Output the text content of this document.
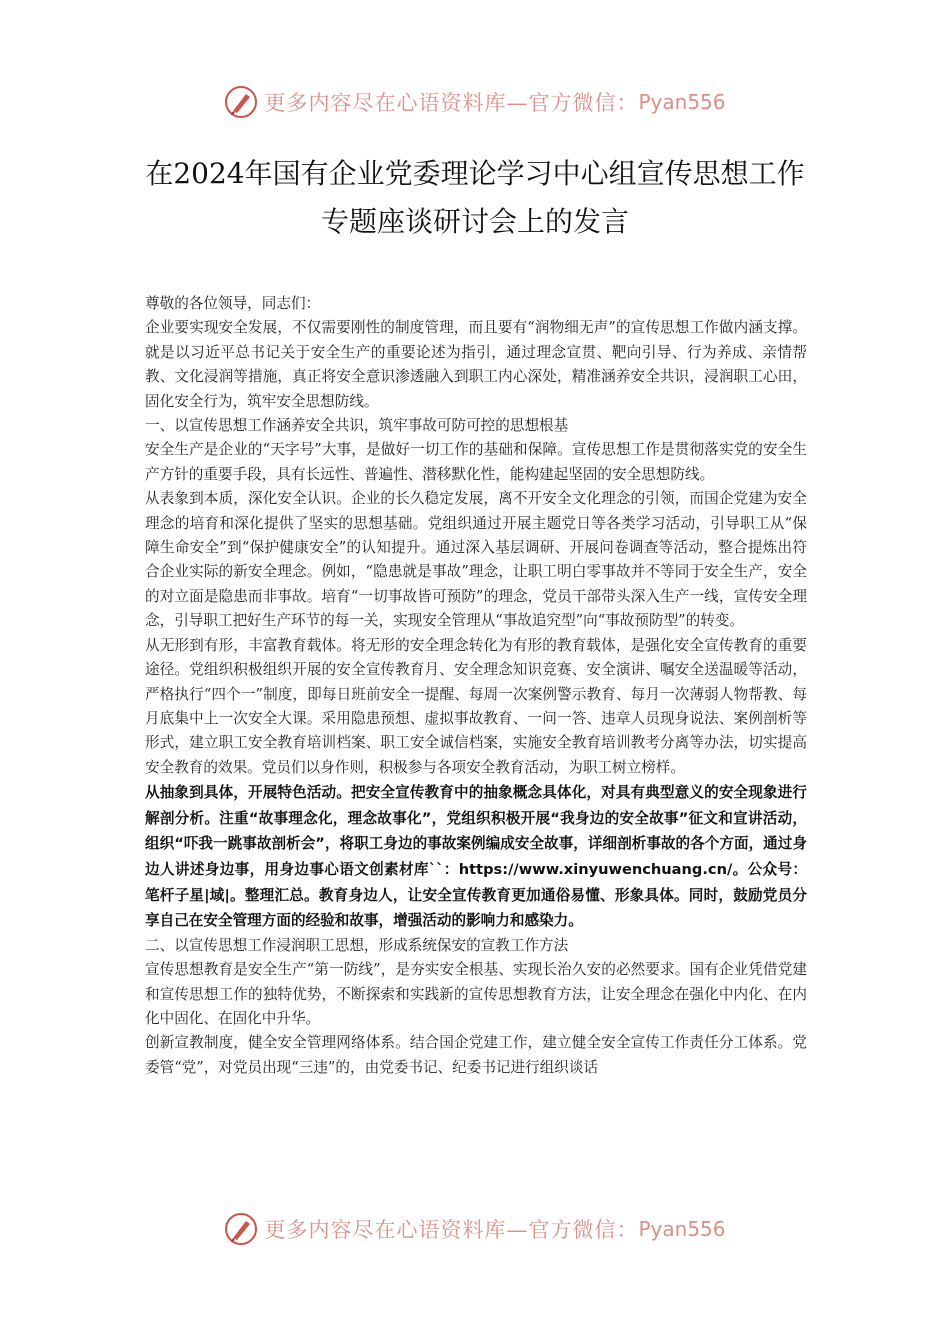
更多内容尽在心语资料库—官方微信： Pyan556
在2024年国有企业党委理论学习中心组宣传思想工作专题座谈研讨会上的发言

尊敬的各位领导，同志们：

企业要实现安全发展，不仅需要刚性的制度管理，而且要有“润物细无声”的宣传思想工作做内涵支撑。就是以习近平总书记关于安全生产的重要论述为指引，通过理念宣贯、靶向引导、行为养成、亲情帮教、文化浸润等措施，真正将安全意识渗透融入到职工内心深处，精准涵养安全共识，浸润职工心田，固化安全行为，筑牢安全思想防线。

一、以宣传思想工作涵养安全共识，筑牢事故可防可控的思想根基

安全生产是企业的“天字号”大事，是做好一切工作的基础和保障。宣传思想工作是贯彻落实党的安全生产方针的重要手段，具有长远性、普遍性、潜移默化性，能构建起坚固的安全思想防线。

从表象到本质，深化安全认识。企业的长久稳定发展，离不开安全文化理念的引领，而国企党建为安全理念的培育和深化提供了坚实的思想基础。党组织通过开展主题党日等各类学习活动，引导职工从“保障生命安全”到“保护健康安全”的认知提升。通过深入基层调研、开展问卷调查等活动，整合提炼出符合企业实际的新安全理念。例如，“隐患就是事故”理念，让职工明白零事故并不等同于安全生产，安全的对立面是隐患而非事故。培育“一切事故皆可预防”的理念，党员干部带头深入生产一线，宣传安全理念，引导职工把好生产环节的每一关，实现安全管理从“事故追究型”向“事故预防型”的转变。

从无形到有形，丰富教育载体。将无形的安全理念转化为有形的教育载体，是强化安全宣传教育的重要途径。党组织积极组织开展的安全宣传教育月、安全理念知识竞赛、安全演讲、嘱安全送温暖等活动，严格执行“四个一”制度，即每日班前安全一提醒、每周一次案例警示教育、每月一次薄弱人物帮教、每月底集中上一次安全大课。采用隐患预想、虚拟事故教育、一问一答、违章人员现身说法、案例剖析等形式，建立职工安全教育培训档案、职工安全诚信档案，实施安全教育培训教考分离等办法，切实提高安全教育的效果。党员们以身作则，积极参与各项安全教育活动，为职工树立榜样。

从抽象到具体，开展特色活动。把安全宣传教育中的抽象概念具体化，对具有典型意义的安全现象进行解剖分析。注重“故事理念化，理念故事化”，党组织积极开展“我身边的安全故事”征文和宣讲活动，组织“吓我一跳事故剖析会”，将职工身边的事故案例编成安全故事，详细剖析事故的各个方面，通过身边人讲述身边事，用身边事心语文创素材库``：https://www.xinyuwenchuang.cn/。公众号：笔杆子星|域|。整理汇总。教育身边人，让安全宣传教育更加通俗易懂、形象具体。同时，鼓励党员分享自己在安全管理方面的经验和故事，增强活动的影响力和感染力。

二、以宣传思想工作浸润职工思想，形成系统保安的宣教工作方法

宣传思想教育是安全生产“第一防线”，是夯实安全根基、实现长治久安的必然要求。国有企业凭借党建和宣传思想工作的独特优势，不断探索和实践新的宣传思想教育方法，让安全理念在强化中内化、在内化中固化、在固化中升华。

创新宣教制度，健全安全管理网络体系。结合国企党建工作，建立健全安全宣传工作责任分工体系。党委管“党”，对党员出现“三违”的，由党委书记、纪委书记进行组织谈话

更多内容尽在心语资料库—官方微信： Pyan556
